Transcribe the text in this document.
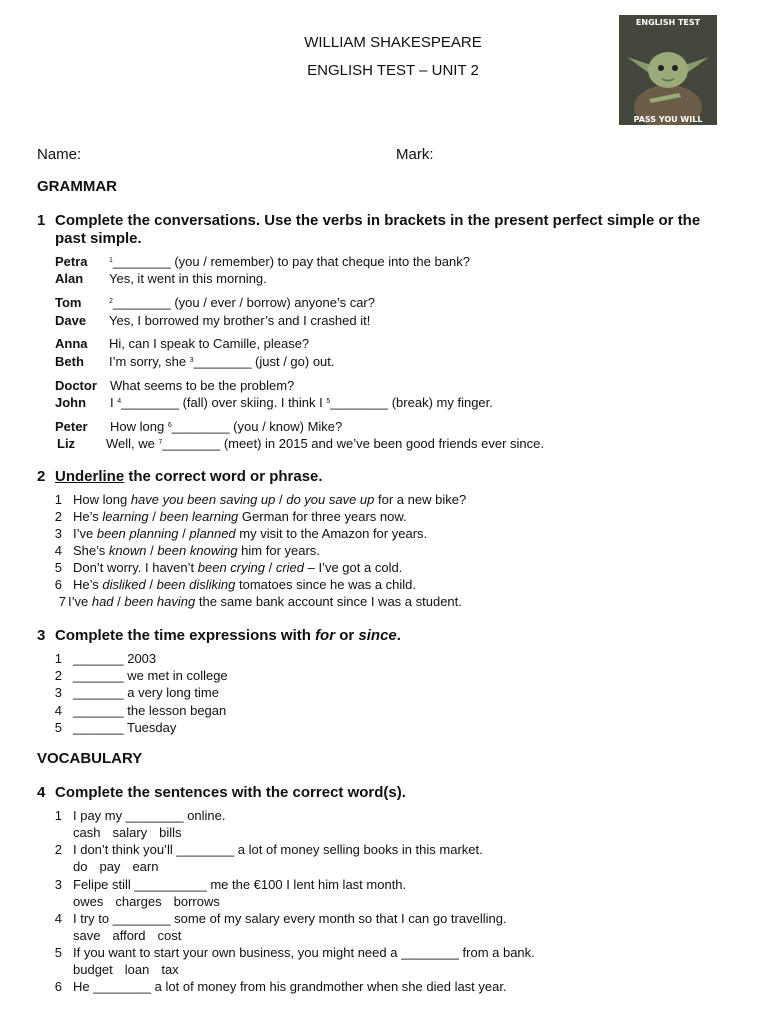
WILLIAM SHAKESPEARE
ENGLISH TEST – UNIT 2
ENGLISH TEST
PASS YOU WILL
Name:	Mark:
GRAMMAR
1 Complete the conversations. Use the verbs in brackets in the present perfect simple or the
past simple.
Petra	$^1$________ (you / remember) to pay that cheque into the bank?
Alan Yes, it went in this morning.
Tom	$^2$________ (you / ever / borrow) anyone’s car?
Dave Yes, I borrowed my brother’s and I crashed it!
Anna Hi, can I speak to Camille, please?
Beth I’m sorry, she $^3$________ (just / go) out.
Doctor What seems to be the problem?
John I $^4$________ (fall) over skiing. I think I $^5$________ (break) my finger.
Peter How long $^6$________ (you / know) Mike?
Liz Well, we $^7$________ (meet) in 2015 and we’ve been good friends ever since.
2 Underline the correct word or phrase.
1 How long have you been saving up / do you save up for a new bike?
2 He’s learning / been learning German for three years now.
3 I’ve been planning / planned my visit to the Amazon for years.
4 She’s known / been knowing him for years.
5 Don’t worry. I haven’t been crying / cried – I’ve got a cold.
6 He’s disliked / been disliking tomatoes since he was a child.
7 I’ve had / been having the same bank account since I was a student.
3 Complete the time expressions with for or since.
1 _______ 2003
2 _______ we met in college
3 _______ a very long time
4 _______ the lesson began
5 _______ Tuesday
VOCABULARY
4 Complete the sentences with the correct word(s).
1 I pay my ________ online.
cash salary bills
2 I don’t think you’ll ________ a lot of money selling books in this market.
do pay earn
3 Felipe still __________ me the €100 I lent him last month.
owes charges borrows
4 I try to ________ some of my salary every month so that I can go travelling.
save afford cost
5 If you want to start your own business, you might need a ________ from a bank.
budget loan tax
6 He ________ a lot of money from his grandmother when she died last year.
